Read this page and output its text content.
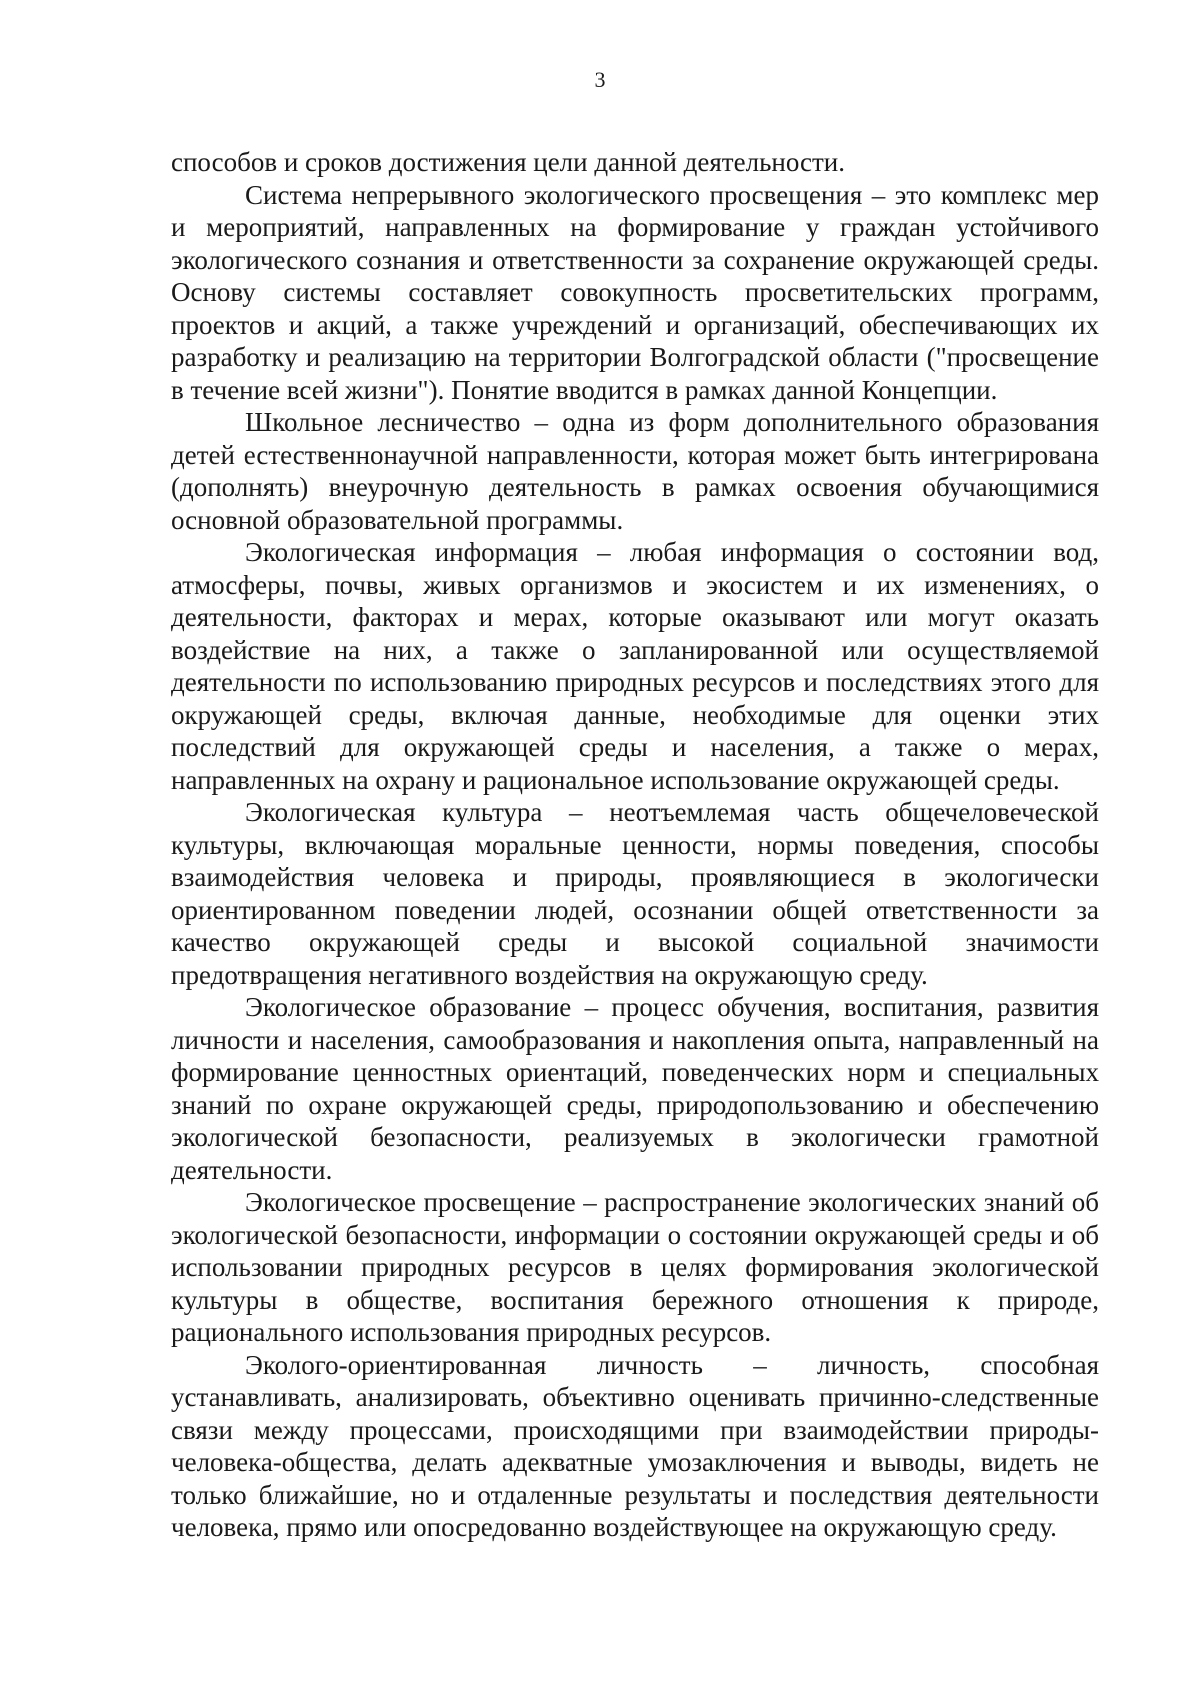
3

способов и сроков достижения цели данной деятельности.

Система непрерывного экологического просвещения – это комплекс мер и мероприятий, направленных на формирование у граждан устойчивого экологического сознания и ответственности за сохранение окружающей среды. Основу системы составляет совокупность просветительских программ, проектов и акций, а также учреждений и организаций, обеспечивающих их разработку и реализацию на территории Волгоградской области ("просвещение в течение всей жизни"). Понятие вводится в рамках данной Концепции.

Школьное лесничество – одна из форм дополнительного образования детей естественнонаучной направленности, которая может быть интегрирована (дополнять) внеурочную деятельность в рамках освоения обучающимися основной образовательной программы.

Экологическая информация – любая информация о состоянии вод, атмосферы, почвы, живых организмов и экосистем и их изменениях, о деятельности, факторах и мерах, которые оказывают или могут оказать воздействие на них, а также о запланированной или осуществляемой деятельности по использованию природных ресурсов и последствиях этого для окружающей среды, включая данные, необходимые для оценки этих последствий для окружающей среды и населения, а также о мерах, направленных на охрану и рациональное использование окружающей среды.

Экологическая культура – неотъемлемая часть общечеловеческой культуры, включающая моральные ценности, нормы поведения, способы взаимодействия человека и природы, проявляющиеся в экологически ориентированном поведении людей, осознании общей ответственности за качество окружающей среды и высокой социальной значимости предотвращения негативного воздействия на окружающую среду.

Экологическое образование – процесс обучения, воспитания, развития личности и населения, самообразования и накопления опыта, направленный на формирование ценностных ориентаций, поведенческих норм и специальных знаний по охране окружающей среды, природопользованию и обеспечению экологической безопасности, реализуемых в экологически грамотной деятельности.

Экологическое просвещение – распространение экологических знаний об экологической безопасности, информации о состоянии окружающей среды и об использовании природных ресурсов в целях формирования экологической культуры в обществе, воспитания бережного отношения к природе, рационального использования природных ресурсов.

Эколого-ориентированная личность – личность, способная устанавливать, анализировать, объективно оценивать причинно-следственные связи между процессами, происходящими при взаимодействии природы-человека-общества, делать адекватные умозаключения и выводы, видеть не только ближайшие, но и отдаленные результаты и последствия деятельности человека, прямо или опосредованно воздействующее на окружающую среду.
